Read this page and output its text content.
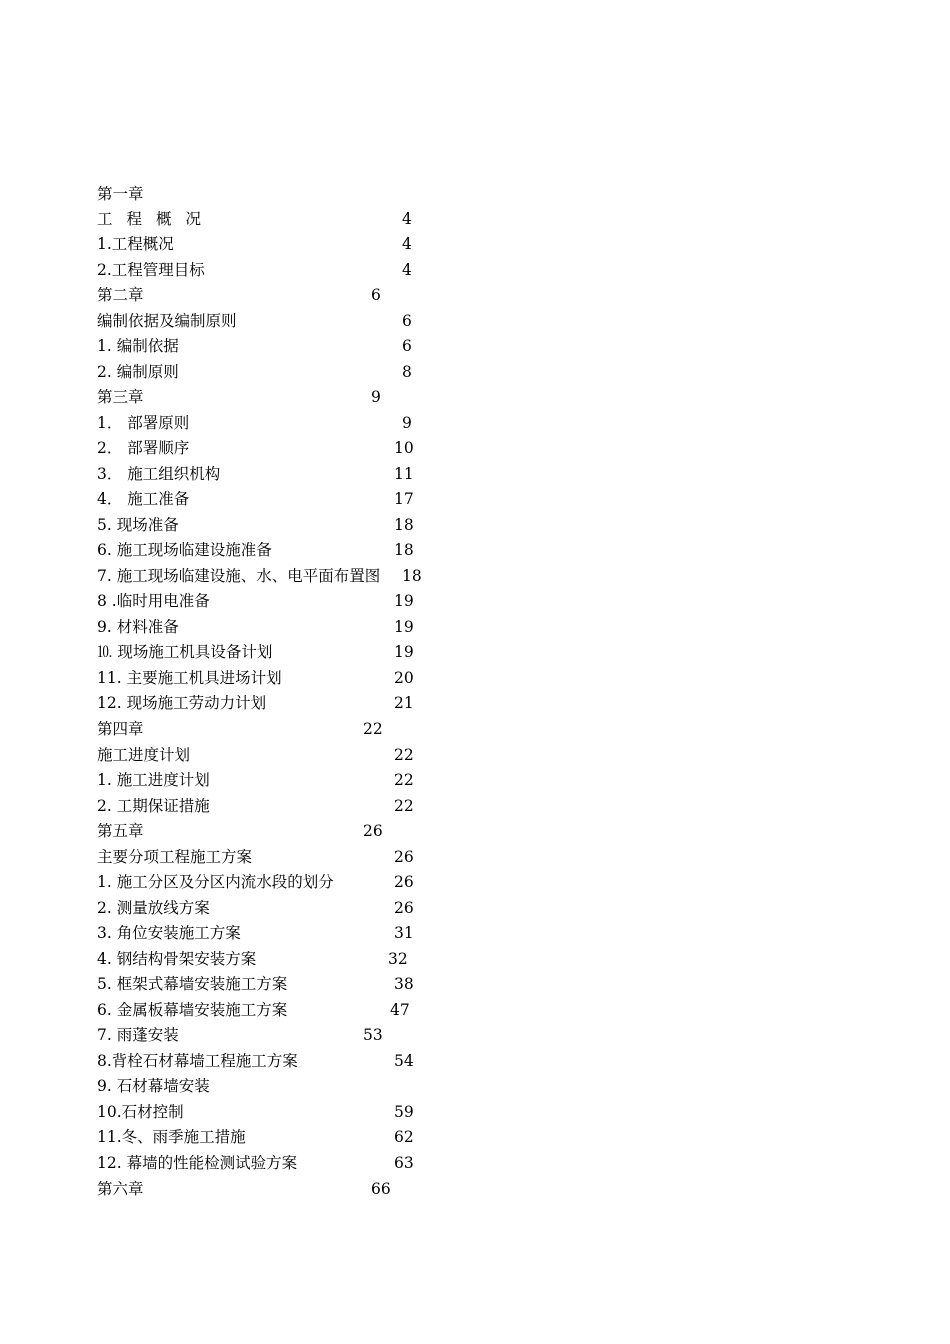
第一章
工程概况	4
1.工程概况	4
2.工程管理目标	4
第二章	6
编制依据及编制原则	6
1. 编制依据	6
2. 编制原则	8
第三章	9
1． 部署原则	9
2． 部署顺序	10
3． 施工组织机构	11
4． 施工准备	17
5. 现场准备	18
6. 施工现场临建设施准备	18
7. 施工现场临建设施、水、电平面布置图 18
8 .临时用电准备	19
9. 材料准备	19
⒑ 现场施工机具设备计划	19
11. 主要施工机具进场计划	20
12. 现场施工劳动力计划	21
第四章	22
施工进度计划	22
1. 施工进度计划	22
2. 工期保证措施	22
第五章	26
主要分项工程施工方案	26
1. 施工分区及分区内流水段的划分	26
2. 测量放线方案	26
3. 角位安装施工方案	31
4. 钢结构骨架安装方案	32
5. 框架式幕墙安装施工方案	38
6. 金属板幕墙安装施工方案	47
7. 雨蓬安装	53
8.背栓石材幕墙工程施工方案	54
9. 石材幕墙安装
10.石材控制	59
11.冬、雨季施工措施	62
12. 幕墙的性能检测试验方案	63
第六章	66
